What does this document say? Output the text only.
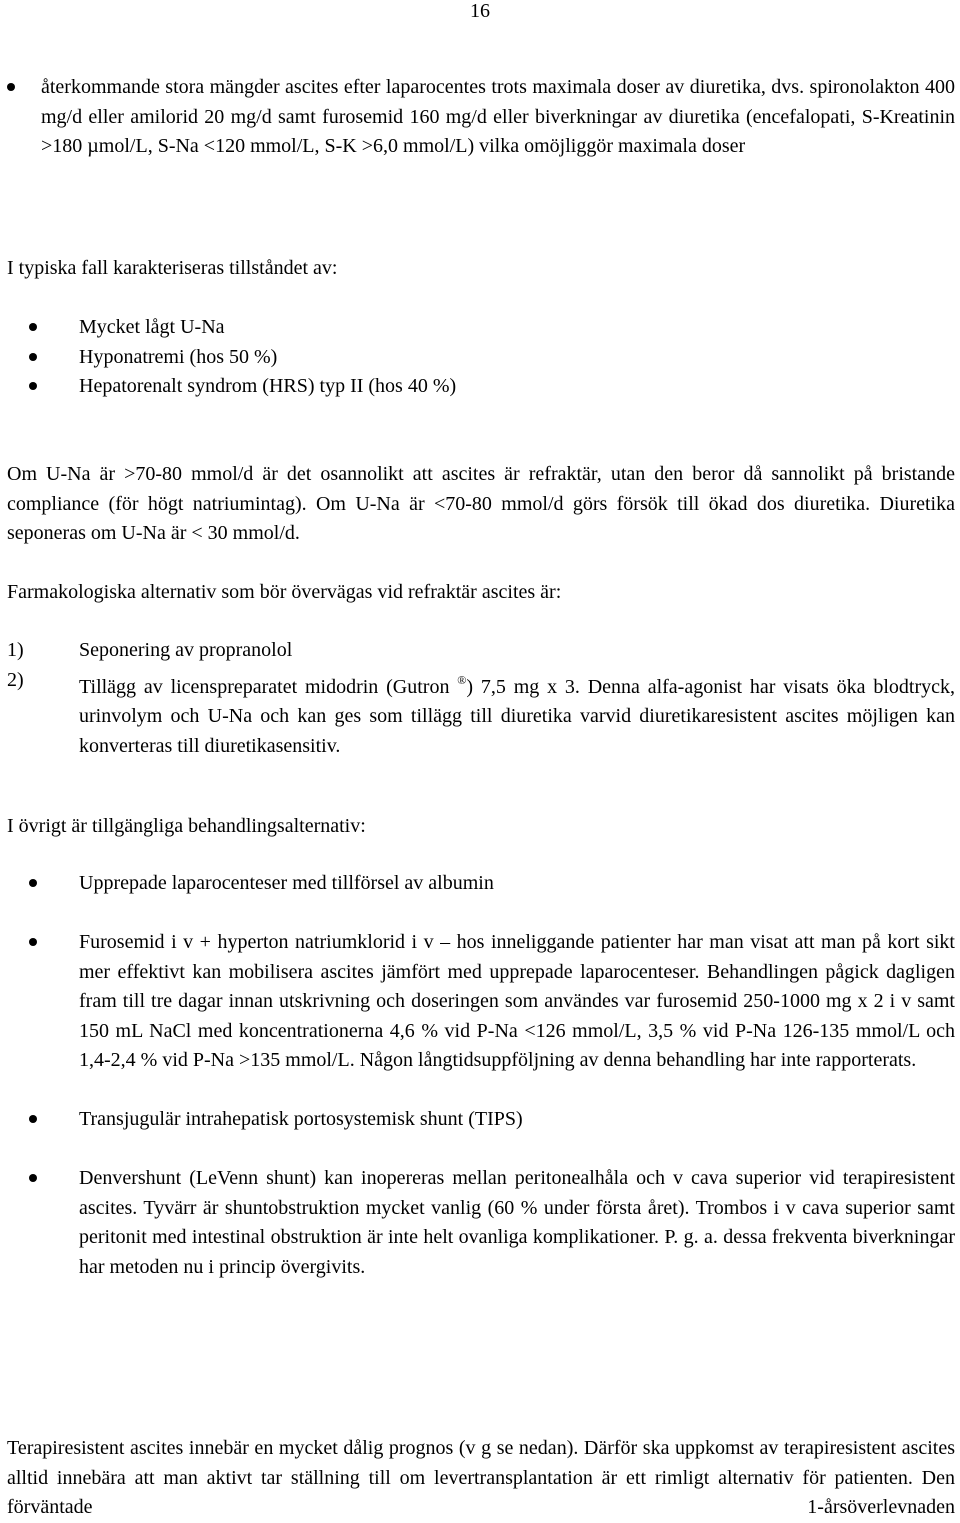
16
återkommande stora mängder ascites efter laparocentes trots maximala doser av diuretika, dvs. spironolakton 400 mg/d eller amilorid 20 mg/d samt furosemid 160 mg/d eller biverkningar av diuretika (encefalopati, S-Kreatinin >180 µmol/L, S-Na <120 mmol/L, S-K >6,0 mmol/L) vilka omöjliggör maximala doser

I typiska fall karakteriseras tillståndet av:

Mycket lågt U-Na
Hyponatremi (hos 50 %)
Hepatorenalt syndrom (HRS) typ II (hos 40 %)

Om U-Na är >70-80 mmol/d är det osannolikt att ascites är refraktär, utan den beror då sannolikt på bristande compliance (för högt natriumintag). Om U-Na är <70-80 mmol/d görs försök till ökad dos diuretika. Diuretika seponeras om U-Na är < 30 mmol/d.

Farmakologiska alternativ som bör övervägas vid refraktär ascites är:

1)	Seponering av propranolol
2)	Tillägg av licenspreparatet midodrin (Gutron ®) 7,5 mg x 3. Denna alfa-agonist har visats öka blodtryck, urinvolym och U-Na och kan ges som tillägg till diuretika varvid diuretikaresistent ascites möjligen kan konverteras till diuretikasensitiv.

I övrigt är tillgängliga behandlingsalternativ:

Upprepade laparocenteser med tillförsel av albumin
Furosemid i v + hyperton natriumklorid i v – hos inneliggande patienter har man visat att man på kort sikt mer effektivt kan mobilisera ascites jämfört med upprepade laparocenteser. Behandlingen pågick dagligen fram till tre dagar innan utskrivning och doseringen som användes var furosemid 250-1000 mg x 2 i v samt 150 mL NaCl med koncentrationerna 4,6 % vid P-Na <126 mmol/L, 3,5 % vid P-Na 126-135 mmol/L och 1,4-2,4 % vid P-Na >135 mmol/L. Någon långtidsuppföljning av denna behandling har inte rapporterats.
Transjugulär intrahepatisk portosystemisk shunt (TIPS)
Denvershunt (LeVenn shunt) kan inopereras mellan peritonealhåla och v cava superior vid terapiresistent ascites. Tyvärr är shuntobstruktion mycket vanlig (60 % under första året). Trombos i v cava superior samt peritonit med intestinal obstruktion är inte helt ovanliga komplikationer. P. g. a. dessa frekventa biverkningar har metoden nu i princip övergivits.

Terapiresistent ascites innebär en mycket dålig prognos (v g se nedan). Därför ska uppkomst av terapiresistent ascites alltid innebära att man aktivt tar ställning till om levertransplantation är ett rimligt alternativ för patienten. Den förväntade 1-årsöverlevnaden
